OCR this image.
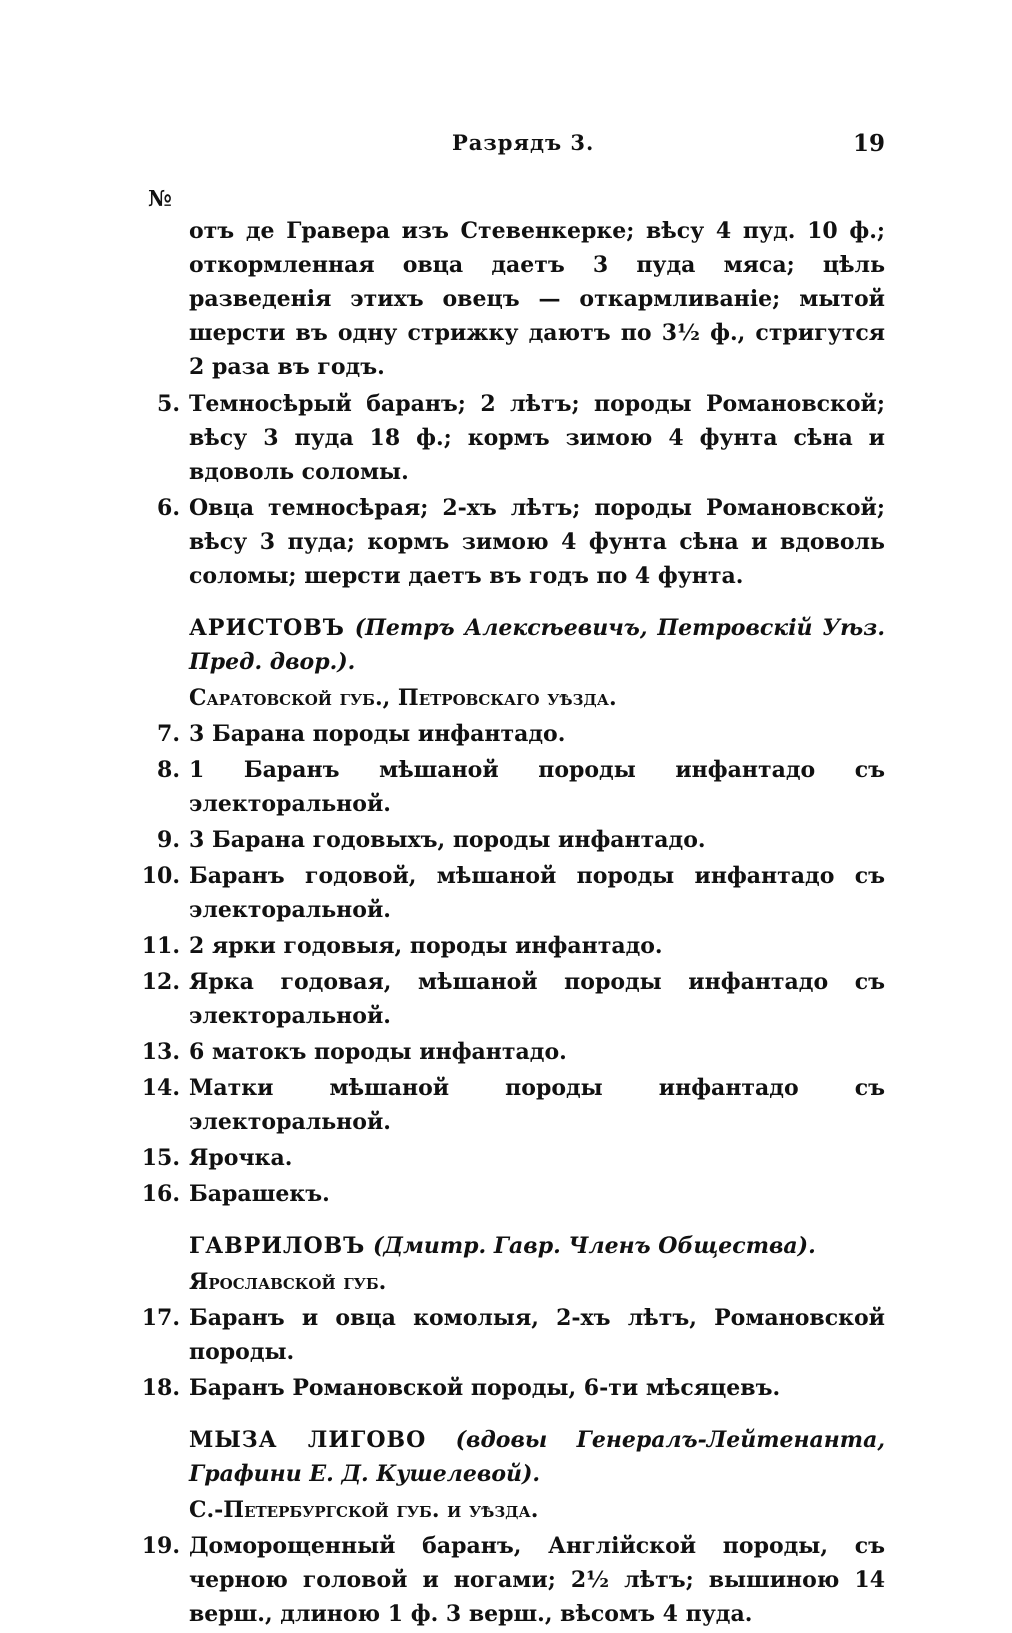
Разрядъ 3.	19
№

отъ де Гравера изъ Стевенкерке; вѣсу 4 пуд. 10 ф.; откормленная овца даетъ 3 пуда мяса; цѣль разведенія этихъ овецъ — откармливаніе; мытой шерсти въ одну стрижку даютъ по 3½ ф., стригутся 2 раза въ годъ.

5. Темносѣрый баранъ; 2 лѣтъ; породы Романовской; вѣсу 3 пуда 18 ф.; кормъ зимою 4 фунта сѣна и вдоволь соломы.

6. Овца темносѣрая; 2-хъ лѣтъ; породы Романовской; вѣсу 3 пуда; кормъ зимою 4 фунта сѣна и вдоволь соломы; шерсти даетъ въ годъ по 4 фунта.

АРИСТОВЪ (Петръ Алексѣевичъ, Петровскій Уѣз. Пред. двор.).

Саратовской губ., Петровскаго уѣзда.

7. 3 Барана породы инфантадо.

8. 1 Баранъ мѣшаной породы инфантадо съ электоральной.

9. 3 Барана годовыхъ, породы инфантадо.

10. Баранъ годовой, мѣшаной породы инфантадо съ электоральной.

11. 2 ярки годовыя, породы инфантадо.

12. Ярка годовая, мѣшаной породы инфантадо съ электоральной.

13. 6 матокъ породы инфантадо.

14. Матки мѣшаной породы инфантадо съ электоральной.

15. Ярочка.

16. Барашекъ.

ГАВРИЛОВЪ (Дмитр. Гавр. Членъ Общества).

Ярославской губ.

17. Баранъ и овца комолыя, 2-хъ лѣтъ, Романовской породы.

18. Баранъ Романовской породы, 6-ти мѣсяцевъ.

МЫЗА ЛИГОВО (вдовы Генералъ-Лейтенанта, Графини Е. Д. Кушелевой).

С.-Петербургской губ. и уѣзда.

19. Доморощенный баранъ, Англійской породы, съ черною головой и ногами; 2½ лѣтъ; вышиною 14 верш., длиною 1 ф. 3 верш., вѣсомъ 4 пуда.
